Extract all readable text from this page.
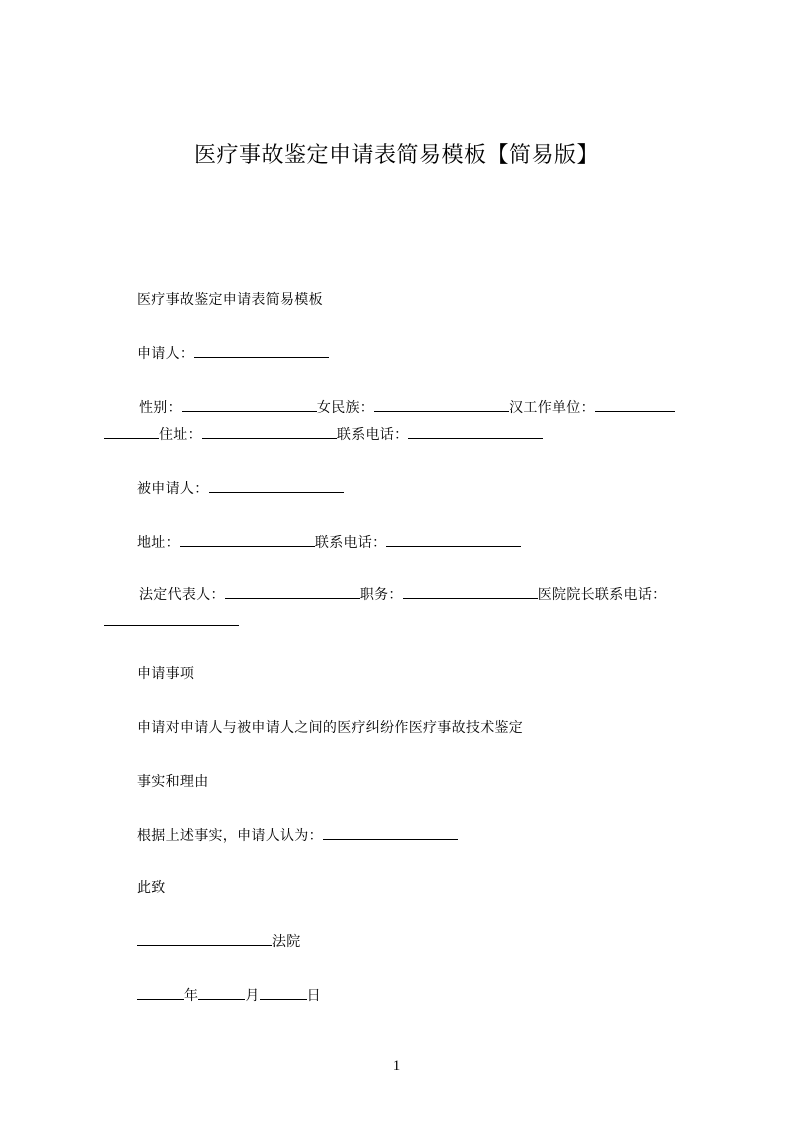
医疗事故鉴定申请表简易模板【简易版】
医疗事故鉴定申请表简易模板
申请人：
性别：	女民族：	汉工作单位：
住址：	联系电话：
被申请人：
地址：	联系电话：
法定代表人：	职务：	医院院长联系电话：
申请事项
申请对申请人与被申请人之间的医疗纠纷作医疗事故技术鉴定
事实和理由
根据上述事实，申请人认为：
此致
法院
年	月	日
1
